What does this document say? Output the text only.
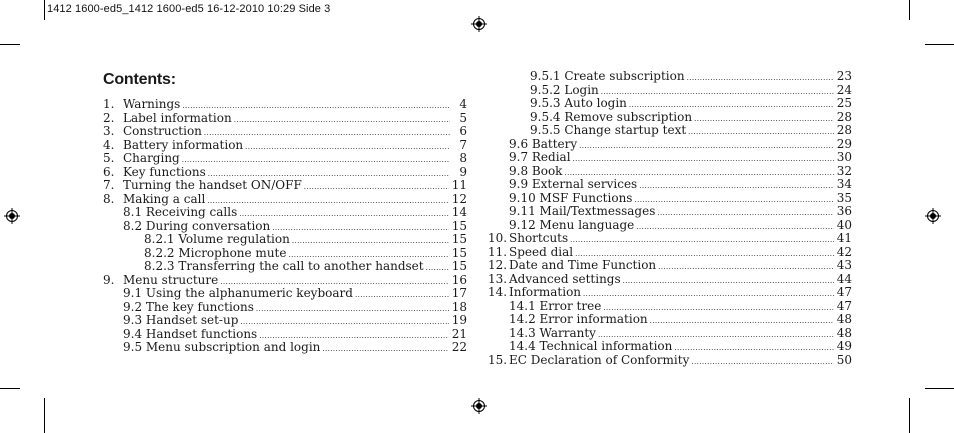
1412 1600-ed5_1412 1600-ed5 16-12-2010 10:29 Side 3
Contents:
1. Warnings .....	4
2. Label information .....	5
3. Construction .....	6
4. Battery information .....	7
5. Charging .....	8
6. Key functions .....	9
7. Turning the handset ON/OFF .....	11
8. Making a call .....	12
8.1 Receiving calls .....	14
8.2 During conversation .....	15
8.2.1 Volume regulation .....	15
8.2.2 Microphone mute .....	15
8.2.3 Transferring the call to another handset ..... 15
9. Menu structure .....	16
9.1 Using the alphanumeric keyboard .....	17
9.2 The key functions .....	18
9.3 Handset set-up .....	19
9.4 Handset functions .....	21
9.5 Menu subscription and login .....	22
9.5.1 Create subscription .....	23
9.5.2 Login .....	24
9.5.3 Auto login .....	25
9.5.4 Remove subscription .....	28
9.5.5 Change startup text .....	28
9.6 Battery .....	29
9.7 Redial .....	30
9.8 Book .....	32
9.9 External services .....	34
9.10 MSF Functions .....	35
9.11 Mail/Textmessages .....	36
9.12 Menu language .....	40
10. Shortcuts .....	41
11. Speed dial .....	42
12. Date and Time Function .....	43
13. Advanced settings .....	44
14. Information .....	47
14.1 Error tree .....	47
14.2 Error information .....	48
14.3 Warranty .....	48
14.4 Technical information .....	49
15. EC Declaration of Conformity .....	50
